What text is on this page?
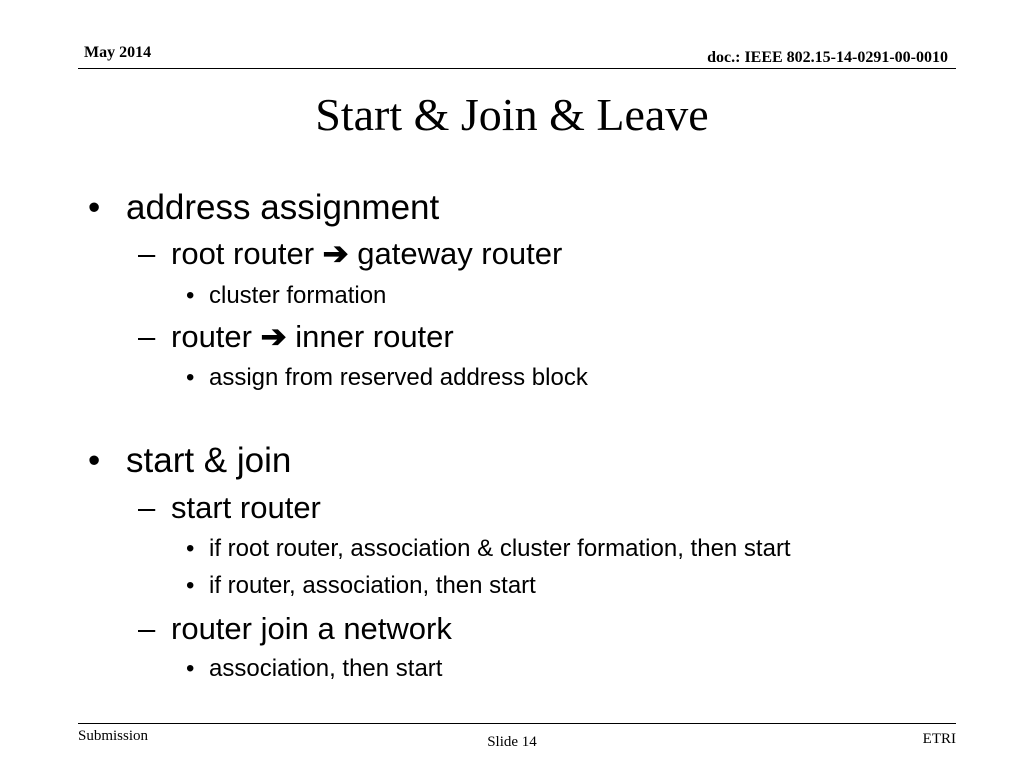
May 2014	doc.: IEEE 802.15-14-0291-00-0010
Start & Join & Leave
• address assignment
– root router ➔ gateway router
• cluster formation
– router ➔ inner router
• assign from reserved address block
• start & join
– start router
• if root router, association & cluster formation, then start
• if router, association, then start
– router join a network
• association, then start
Submission	Slide 14	ETRI
